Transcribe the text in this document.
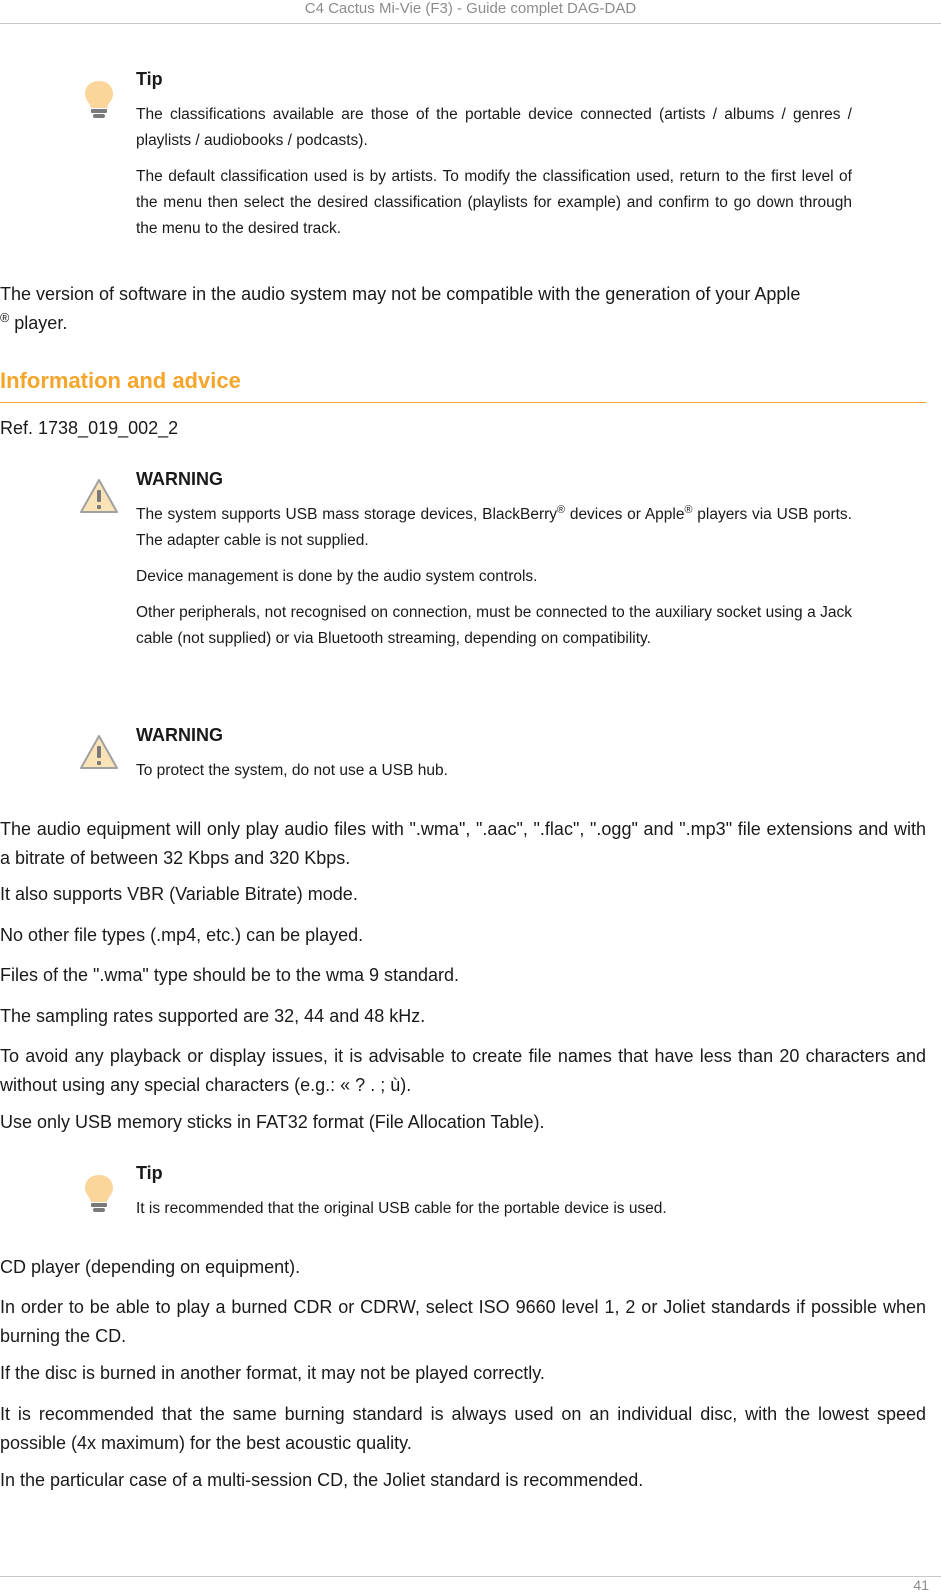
C4 Cactus Mi-Vie (F3) - Guide complet DAG-DAD
Tip

The classifications available are those of the portable device connected (artists / albums / genres / playlists / audiobooks / podcasts).

The default classification used is by artists. To modify the classification used, return to the first level of the menu then select the desired classification (playlists for example) and confirm to go down through the menu to the desired track.

The version of software in the audio system may not be compatible with the generation of your Apple
® player.

Information and advice

Ref. 1738_019_002_2

WARNING

The system supports USB mass storage devices, BlackBerry® devices or Apple® players via USB ports. The adapter cable is not supplied.

Device management is done by the audio system controls.

Other peripherals, not recognised on connection, must be connected to the auxiliary socket using a Jack cable (not supplied) or via Bluetooth streaming, depending on compatibility.

WARNING

To protect the system, do not use a USB hub.

The audio equipment will only play audio files with ".wma", ".aac", ".flac", ".ogg" and ".mp3" file extensions and with a bitrate of between 32 Kbps and 320 Kbps.

It also supports VBR (Variable Bitrate) mode.

No other file types (.mp4, etc.) can be played.

Files of the ".wma" type should be to the wma 9 standard.

The sampling rates supported are 32, 44 and 48 kHz.

To avoid any playback or display issues, it is advisable to create file names that have less than 20 characters and without using any special characters (e.g.: « ? . ; ù).

Use only USB memory sticks in FAT32 format (File Allocation Table).

Tip

It is recommended that the original USB cable for the portable device is used.

CD player (depending on equipment).

In order to be able to play a burned CDR or CDRW, select ISO 9660 level 1, 2 or Joliet standards if possible when burning the CD.

If the disc is burned in another format, it may not be played correctly.

It is recommended that the same burning standard is always used on an individual disc, with the lowest speed possible (4x maximum) for the best acoustic quality.

In the particular case of a multi-session CD, the Joliet standard is recommended.

41
